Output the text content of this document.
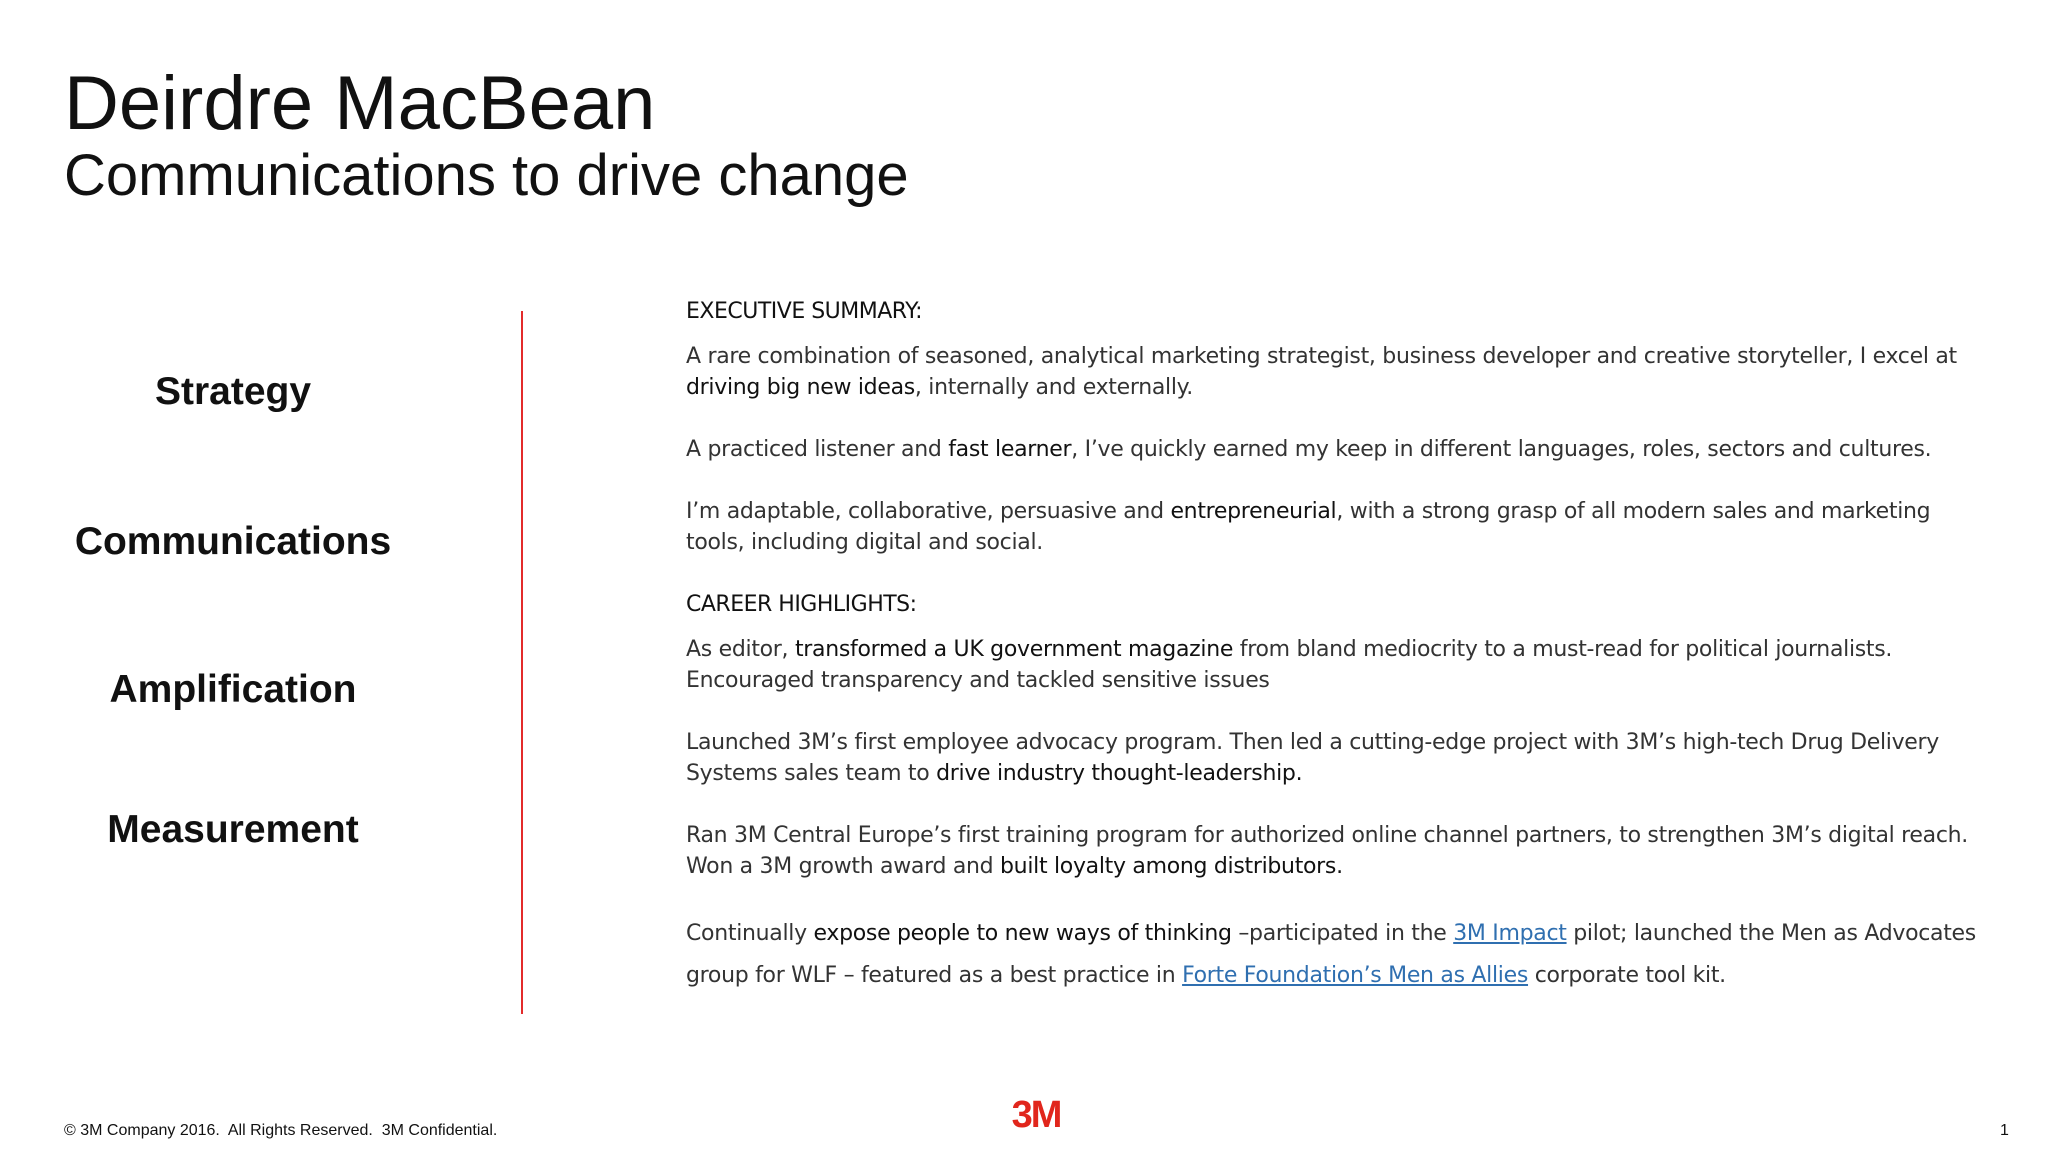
Deirdre MacBean
Communications to drive change
Strategy
Communications
Amplification
Measurement

EXECUTIVE SUMMARY:

A rare combination of seasoned, analytical marketing strategist, business developer and creative storyteller, I excel at driving big new ideas, internally and externally.

A practiced listener and fast learner, I’ve quickly earned my keep in different languages, roles, sectors and cultures.

I’m adaptable, collaborative, persuasive and entrepreneurial, with a strong grasp of all modern sales and marketing tools, including digital and social.

CAREER HIGHLIGHTS:

As editor, transformed a UK government magazine from bland mediocrity to a must-read for political journalists. Encouraged transparency and tackled sensitive issues

Launched 3M’s first employee advocacy program. Then led a cutting-edge project with 3M’s high-tech Drug Delivery Systems sales team to drive industry thought-leadership.

Ran 3M Central Europe’s first training program for authorized online channel partners, to strengthen 3M’s digital reach. Won a 3M growth award and built loyalty among distributors.

Continually expose people to new ways of thinking –participated in the 3M Impact pilot; launched the Men as Advocates group for WLF – featured as a best practice in Forte Foundation’s Men as Allies corporate tool kit.

© 3M Company 2016.  All Rights Reserved.  3M Confidential.	3M	1
